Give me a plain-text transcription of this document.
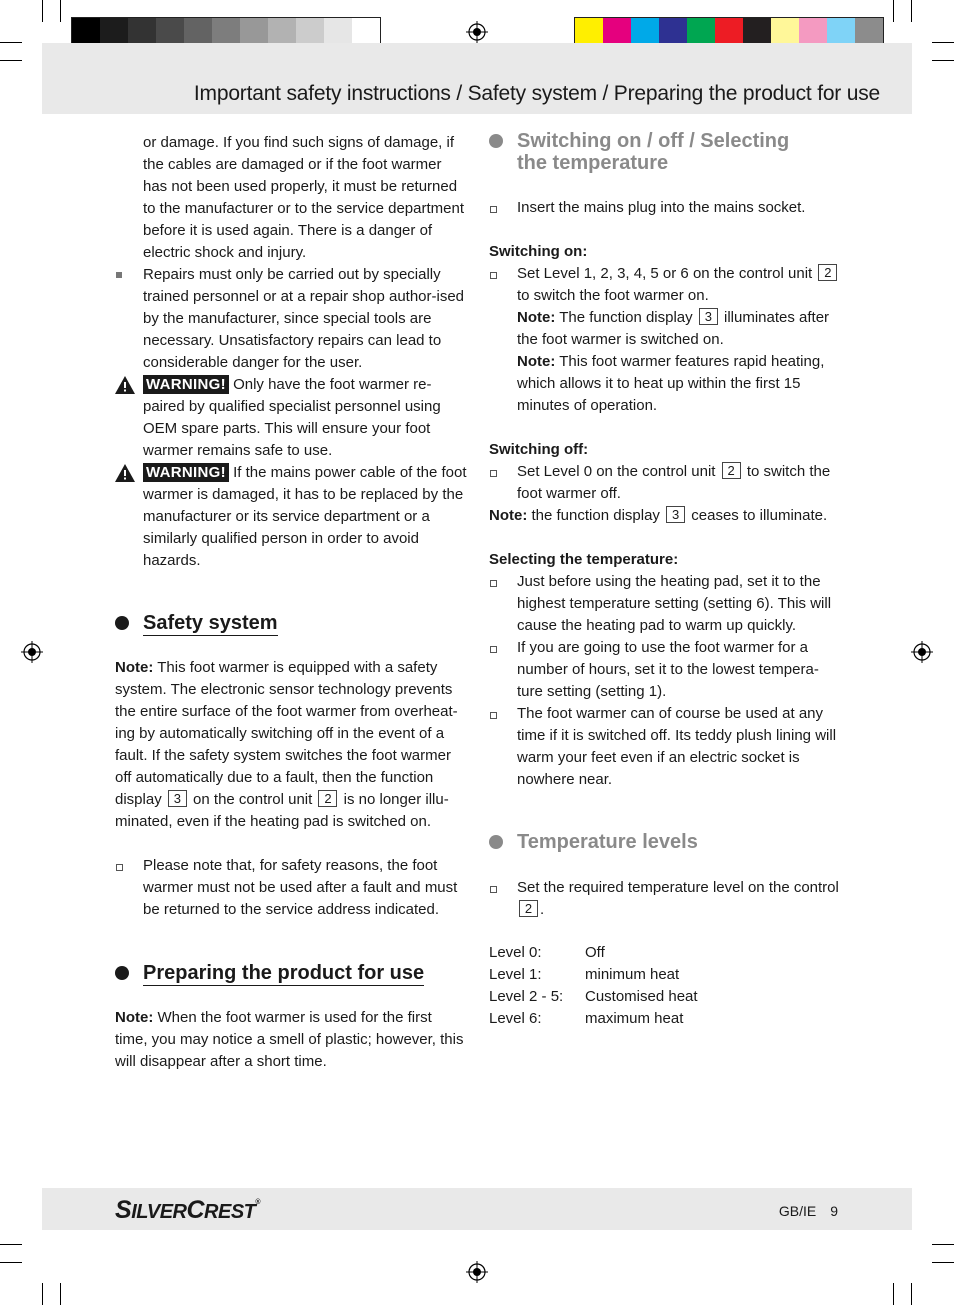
Important safety instructions / Safety system / Preparing the product for use

or damage. If you find such signs of damage, if the cables are damaged or if the foot warmer has not been used properly, it must be returned to the manufacturer or to the service department before it is used again. There is a danger of electric shock and injury.

Repairs must only be carried out by specially trained personnel or at a repair shop author-ised by the manufacturer, since special tools are necessary. Unsatisfactory repairs can lead to considerable danger for the user.
WARNING! Only have the foot warmer re-paired by qualified specialist personnel using OEM spare parts. This will ensure your foot warmer remains safe to use.
WARNING! If the mains power cable of the foot warmer is damaged, it has to be replaced by the manufacturer or its service department or a similarly qualified person in order to avoid hazards.
Safety system

Note: This foot warmer is equipped with a safety system. The electronic sensor technology prevents the entire surface of the foot warmer from overheat-ing by automatically switching off in the event of a fault. If the safety system switches the foot warmer off automatically due to a fault, then the function display 3 on the control unit 2 is no longer illu-minated, even if the heating pad is switched on.

Please note that, for safety reasons, the foot warmer must not be used after a fault and must be returned to the service address indicated.
Preparing the product for use

Note: When the foot warmer is used for the first time, you may notice a smell of plastic; however, this will disappear after a short time.

Switching on / off / Selecting the temperature
Insert the mains plug into the mains socket.

Switching on:

Set Level 1, 2, 3, 4, 5 or 6 on the control unit 2 to switch the foot warmer on.
Note: The function display 3 illuminates after the foot warmer is switched on.
Note: This foot warmer features rapid heating, which allows it to heat up within the first 15 minutes of operation.

Switching off:

Set Level 0 on the control unit 2 to switch the foot warmer off.

Note: the function display 3 ceases to illuminate.

Selecting the temperature:

Just before using the heating pad, set it to the highest temperature setting (setting 6). This will cause the heating pad to warm up quickly.
If you are going to use the foot warmer for a number of hours, set it to the lowest tempera-ture setting (setting 1).
The foot warmer can of course be used at any time if it is switched off. Its teddy plush lining will warm your feet even if an electric socket is nowhere near.
Temperature levels
Set the required temperature level on the control 2 .
Level 0:	Off
Level 1:	minimum heat
Level 2 - 5:	Customised heat
Level 6:	maximum heat
SILVERCREST®
GB/IE 9
